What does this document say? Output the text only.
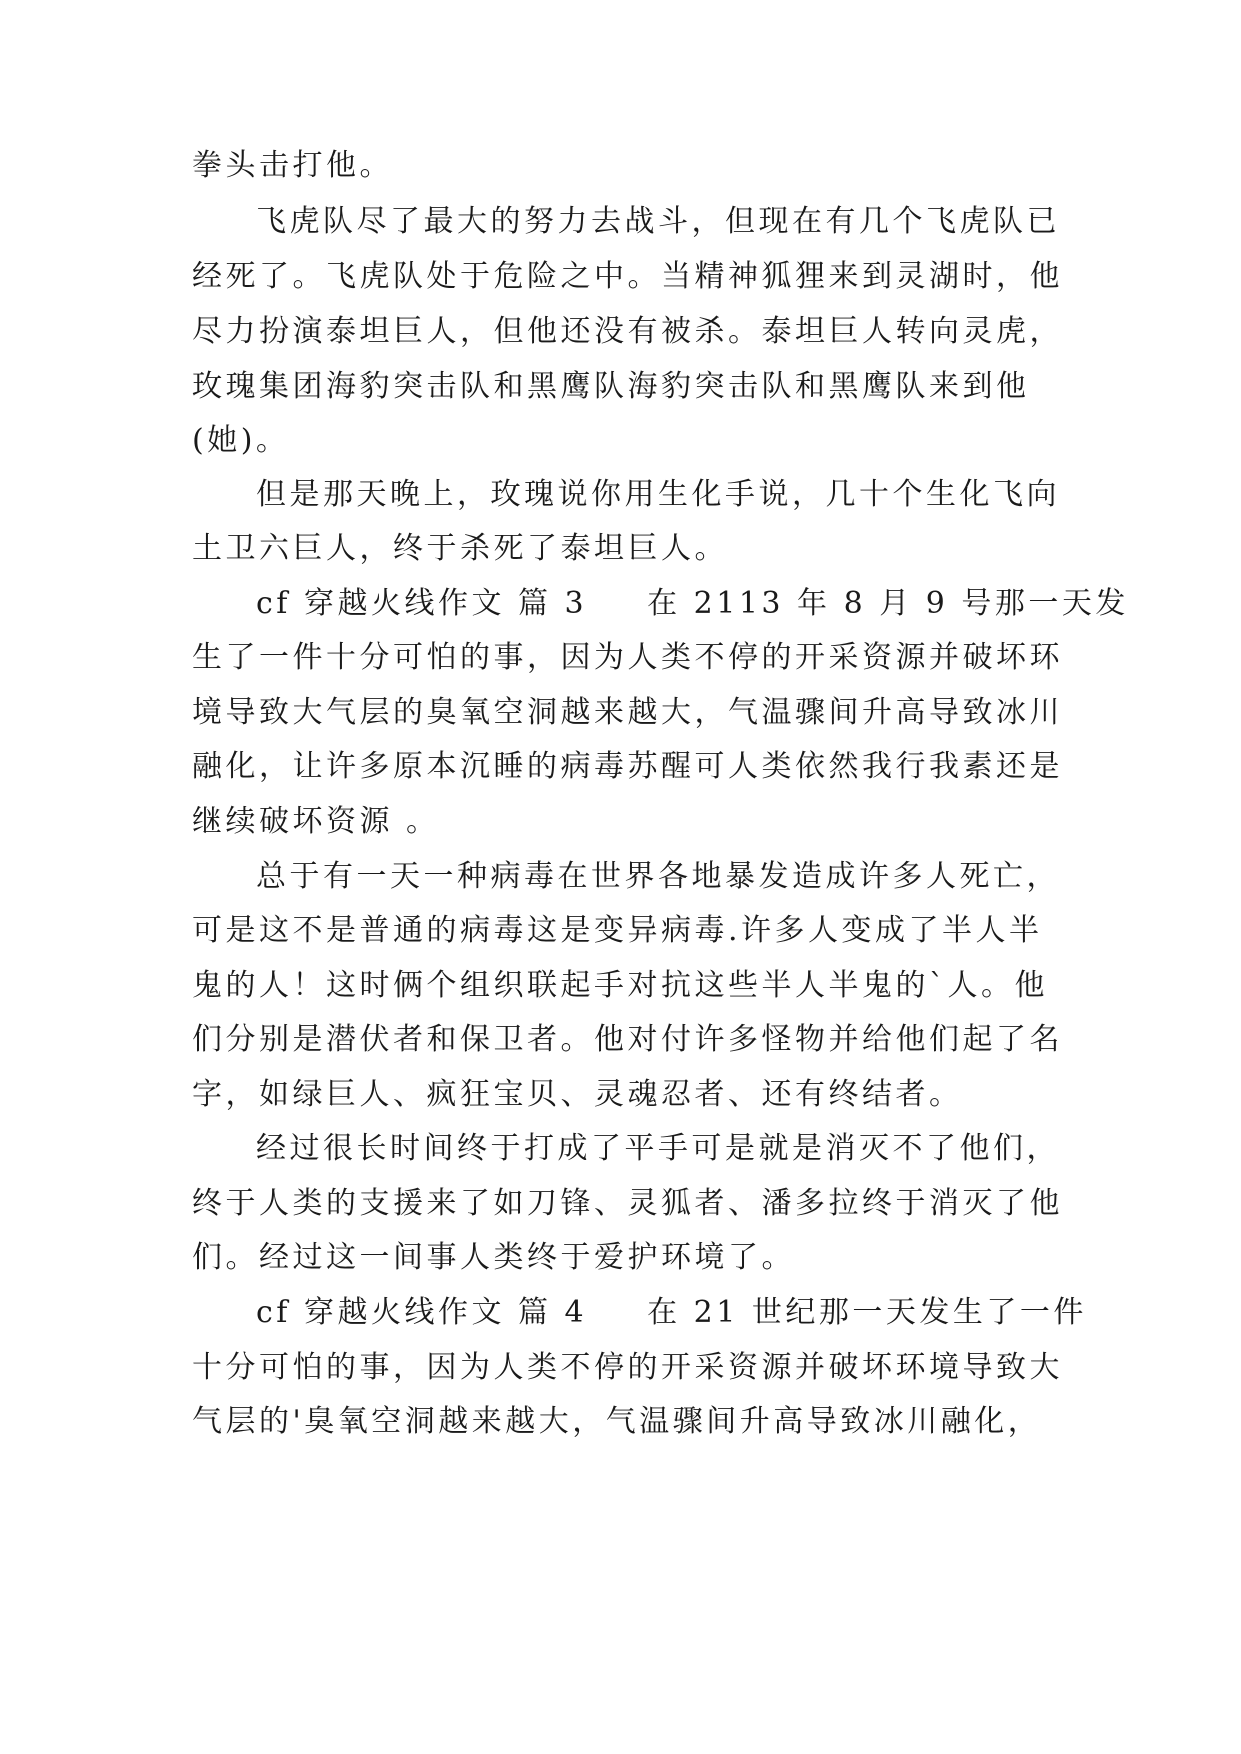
拳头击打他。
飞虎队尽了最大的努力去战斗，但现在有几个飞虎队已
经死了。飞虎队处于危险之中。当精神狐狸来到灵湖时，他
尽力扮演泰坦巨人，但他还没有被杀。泰坦巨人转向灵虎，
玫瑰集团海豹突击队和黑鹰队海豹突击队和黑鹰队来到他
(她)。
但是那天晚上，玫瑰说你用生化手说，几十个生化飞向
土卫六巨人，终于杀死了泰坦巨人。
cf 穿越火线作文 篇 3 在 2113 年 8 月 9 号那一天发
生了一件十分可怕的事，因为人类不停的开采资源并破坏环
境导致大气层的臭氧空洞越来越大，气温骤间升高导致冰川
融化，让许多原本沉睡的病毒苏醒可人类依然我行我素还是
继续破坏资源 。
总于有一天一种病毒在世界各地暴发造成许多人死亡，
可是这不是普通的病毒这是变异病毒.许多人变成了半人半
鬼的人！这时俩个组织联起手对抗这些半人半鬼的`人。他
们分别是潜伏者和保卫者。他对付许多怪物并给他们起了名
字，如绿巨人、疯狂宝贝、灵魂忍者、还有终结者。
经过很长时间终于打成了平手可是就是消灭不了他们，
终于人类的支援来了如刀锋、灵狐者、潘多拉终于消灭了他
们。经过这一间事人类终于爱护环境了。
cf 穿越火线作文 篇 4 在 21 世纪那一天发生了一件
十分可怕的事，因为人类不停的开采资源并破坏环境导致大
气层的'臭氧空洞越来越大，气温骤间升高导致冰川融化，
